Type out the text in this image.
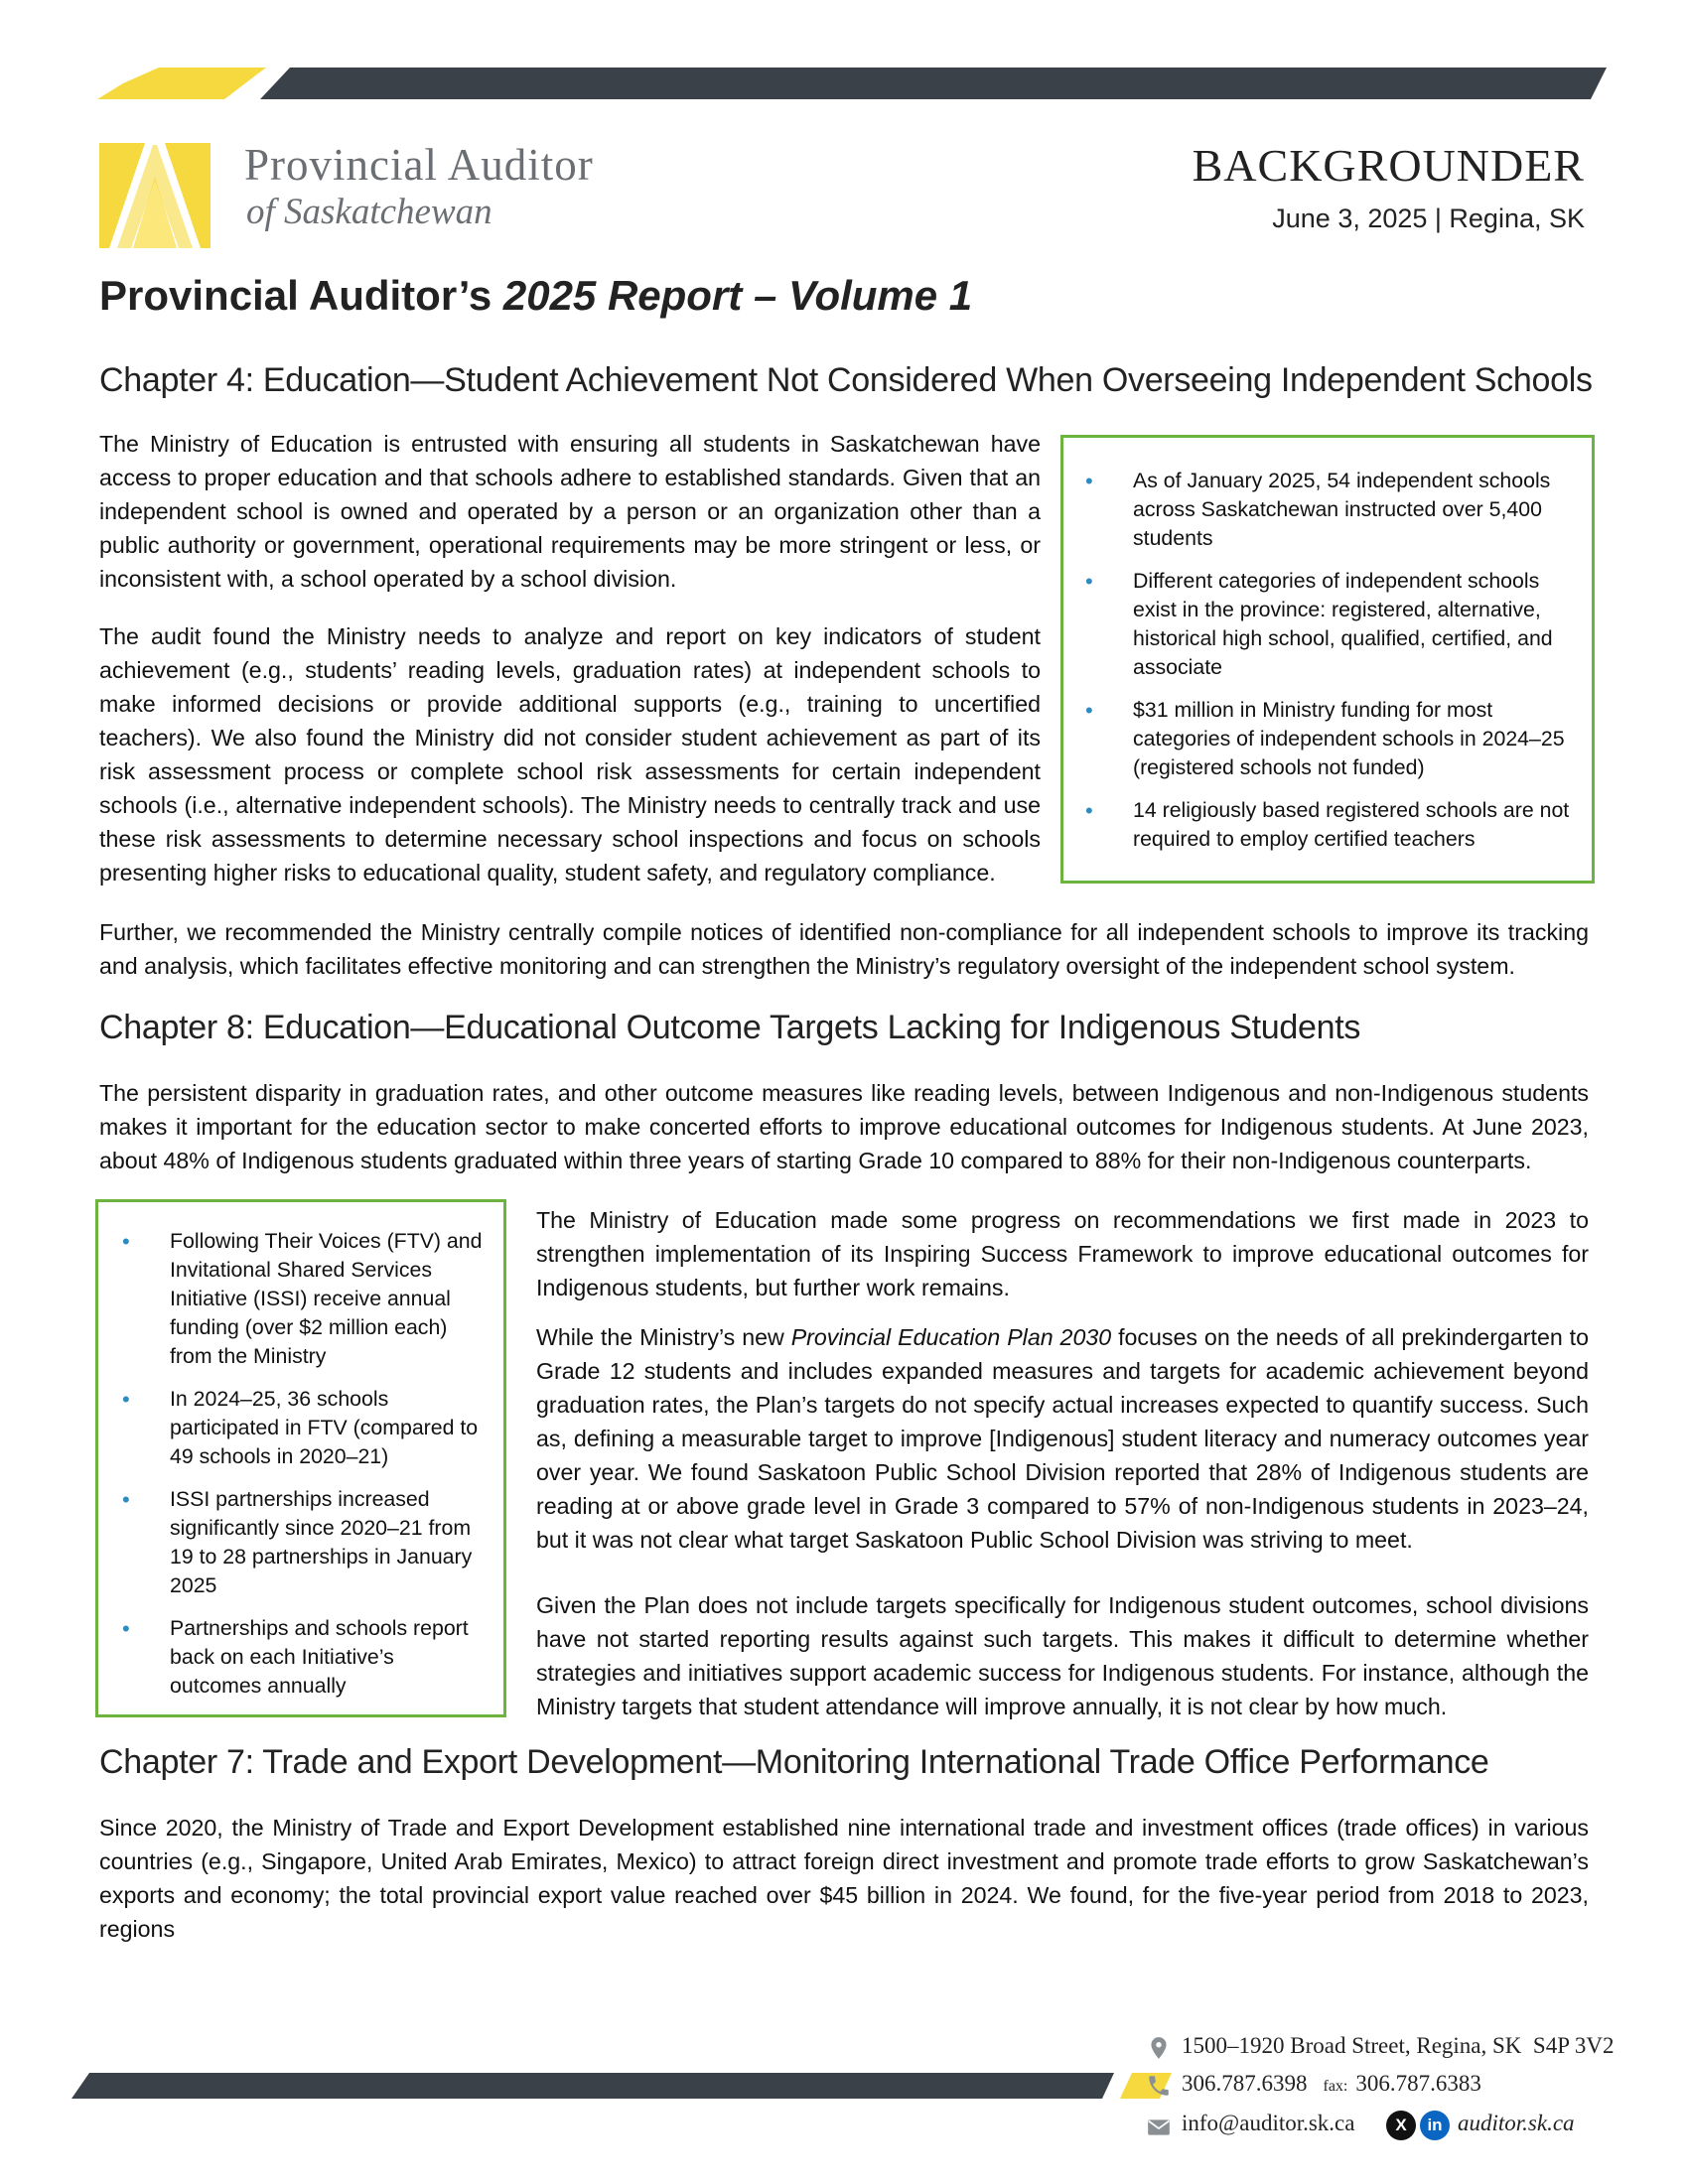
Provincial Auditor
of Saskatchewan
BACKGROUNDER
June 3, 2025 | Regina, SK
Provincial Auditor’s 2025 Report – Volume 1
Chapter 4: Education—Student Achievement Not Considered When Overseeing Independent Schools

The Ministry of Education is entrusted with ensuring all students in Saskatchewan have access to proper education and that schools adhere to established standards. Given that an independent school is owned and operated by a person or an organization other than a public authority or government, operational requirements may be more stringent or less, or inconsistent with, a school operated by a school division.

The audit found the Ministry needs to analyze and report on key indicators of student achievement (e.g., students’ reading levels, graduation rates) at independent schools to make informed decisions or provide additional supports (e.g., training to uncertified teachers). We also found the Ministry did not consider student achievement as part of its risk assessment process or complete school risk assessments for certain independent schools (i.e., alternative independent schools). The Ministry needs to centrally track and use these risk assessments to determine necessary school inspections and focus on schools presenting higher risks to educational quality, student safety, and regulatory compliance.

• As of January 2025, 54 independent schools across Saskatchewan instructed over 5,400 students
• Different categories of independent schools exist in the province: registered, alternative, historical high school, qualified, certified, and associate
• $31 million in Ministry funding for most categories of independent schools in 2024–25 (registered schools not funded)
• 14 religiously based registered schools are not required to employ certified teachers

Further, we recommended the Ministry centrally compile notices of identified non-compliance for all independent schools to improve its tracking and analysis, which facilitates effective monitoring and can strengthen the Ministry’s regulatory oversight of the independent school system.

Chapter 8: Education—Educational Outcome Targets Lacking for Indigenous Students

The persistent disparity in graduation rates, and other outcome measures like reading levels, between Indigenous and non-Indigenous students makes it important for the education sector to make concerted efforts to improve educational outcomes for Indigenous students. At June 2023, about 48% of Indigenous students graduated within three years of starting Grade 10 compared to 88% for their non-Indigenous counterparts.

• Following Their Voices (FTV) and Invitational Shared Services Initiative (ISSI) receive annual funding (over $2 million each) from the Ministry
• In 2024–25, 36 schools participated in FTV (compared to 49 schools in 2020–21)
• ISSI partnerships increased significantly since 2020–21 from 19 to 28 partnerships in January 2025
• Partnerships and schools report back on each Initiative’s outcomes annually

The Ministry of Education made some progress on recommendations we first made in 2023 to strengthen implementation of its Inspiring Success Framework to improve educational outcomes for Indigenous students, but further work remains.

While the Ministry’s new Provincial Education Plan 2030 focuses on the needs of all prekindergarten to Grade 12 students and includes expanded measures and targets for academic achievement beyond graduation rates, the Plan’s targets do not specify actual increases expected to quantify success. Such as, defining a measurable target to improve [Indigenous] student literacy and numeracy outcomes year over year. We found Saskatoon Public School Division reported that 28% of Indigenous students are reading at or above grade level in Grade 3 compared to 57% of non-Indigenous students in 2023–24, but it was not clear what target Saskatoon Public School Division was striving to meet.

Given the Plan does not include targets specifically for Indigenous student outcomes, school divisions have not started reporting results against such targets. This makes it difficult to determine whether strategies and initiatives support academic success for Indigenous students. For instance, although the Ministry targets that student attendance will improve annually, it is not clear by how much.

Chapter 7: Trade and Export Development—Monitoring International Trade Office Performance

Since 2020, the Ministry of Trade and Export Development established nine international trade and investment offices (trade offices) in various countries (e.g., Singapore, United Arab Emirates, Mexico) to attract foreign direct investment and promote trade efforts to grow Saskatchewan’s exports and economy; the total provincial export value reached over $45 billion in 2024. We found, for the five-year period from 2018 to 2023, regions

1500–1920 Broad Street, Regina, SK S4P 3V2
306.787.6398 fax: 306.787.6383
info@auditor.sk.ca	X	in auditor.sk.ca
